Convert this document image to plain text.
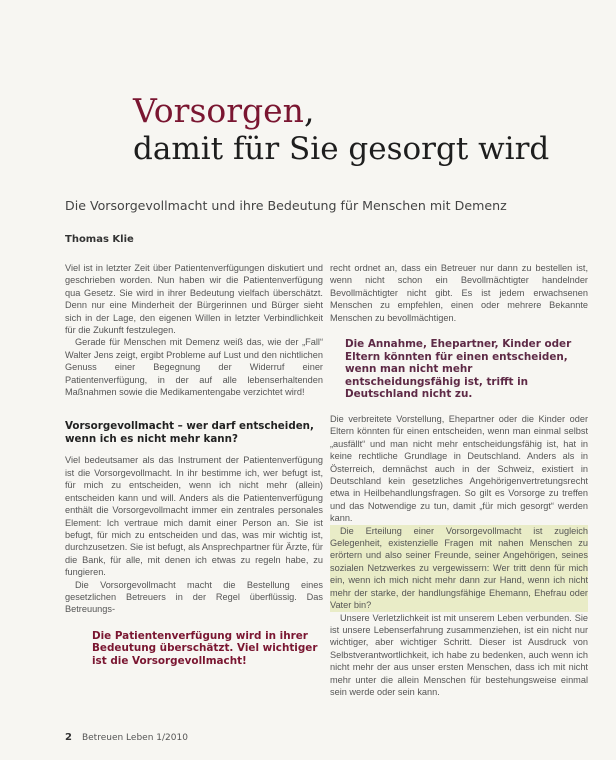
Vorsorgen,
damit für Sie gesorgt wird
Die Vorsorgevollmacht und ihre Bedeutung für Menschen mit Demenz
Thomas Klie

Viel ist in letzter Zeit über Patientenverfügungen diskutiert und geschrieben worden. Nun haben wir die Patientenverfügung qua Gesetz. Sie wird in ihrer Bedeutung vielfach überschätzt. Denn nur eine Minderheit der Bürgerinnen und Bürger sieht sich in der Lage, den eigenen Willen in letzter Verbindlichkeit für die Zukunft festzulegen.

Gerade für Menschen mit Demenz weiß das, wie der „Fall“ Walter Jens zeigt, ergibt Probleme auf Lust und den nichtlichen Genuss einer Begegnung der Widerruf einer Patientenverfügung, in der auf alle lebenserhaltenden Maßnahmen sowie die Medikamentengabe verzichtet wird!

Vorsorgevollmacht – wer darf entscheiden, wenn ich es nicht mehr kann?

Viel bedeutsamer als das Instrument der Patientenverfügung ist die Vorsorgevollmacht. In ihr bestimme ich, wer befugt ist, für mich zu entscheiden, wenn ich nicht mehr (allein) entscheiden kann und will. Anders als die Patientenverfügung enthält die Vorsorgevollmacht immer ein zentrales personales Element: Ich vertraue mich damit einer Person an. Sie ist befugt, für mich zu entscheiden und das, was mir wichtig ist, durchzusetzen. Sie ist befugt, als Ansprechpartner für Ärzte, für die Bank, für alle, mit denen ich etwas zu regeln habe, zu fungieren.

Die Vorsorgevollmacht macht die Bestellung eines gesetzlichen Betreuers in der Regel überflüssig. Das Betreuungs-

Die Patientenverfügung wird in ihrer Bedeutung überschätzt. Viel wichtiger ist die Vorsorgevollmacht!

recht ordnet an, dass ein Betreuer nur dann zu bestellen ist, wenn nicht schon ein Bevollmächtigter handelnder Bevollmächtigter nicht gibt. Es ist jedem erwachsenen Menschen zu empfehlen, einen oder mehrere Bekannte Menschen zu bevollmächtigen.

Die Annahme, Ehepartner, Kinder oder Eltern könnten für einen entscheiden, wenn man nicht mehr entscheidungsfähig ist, trifft in Deutschland nicht zu.

Die verbreitete Vorstellung, Ehepartner oder die Kinder oder Eltern könnten für einen entscheiden, wenn man einmal selbst „ausfällt“ und man nicht mehr entscheidungsfähig ist, hat in keine rechtliche Grundlage in Deutschland. Anders als in Österreich, demnächst auch in der Schweiz, existiert in Deutschland kein gesetzliches Angehörigenvertretungsrecht etwa in Heilbehandlungsfragen. So gilt es Vorsorge zu treffen und das Notwendige zu tun, damit „für mich gesorgt“ werden kann.

Die Erteilung einer Vorsorgevollmacht ist zugleich Gelegenheit, existenzielle Fragen mit nahen Menschen zu erörtern und also seiner Freunde, seiner Angehörigen, seines sozialen Netzwerkes zu vergewissern: Wer tritt denn für mich ein, wenn ich mich nicht mehr dann zur Hand, wenn ich nicht mehr der starke, der handlungsfähige Ehemann, Ehefrau oder Vater bin?

Unsere Verletzlichkeit ist mit unserem Leben verbunden. Sie ist unsere Lebenserfahrung zusammenziehen, ist ein nicht nur wichtiger, aber wichtiger Schritt. Dieser ist Ausdruck von Selbstverantwortlichkeit, ich habe zu bedenken, auch wenn ich nicht mehr der aus unser ersten Menschen, dass ich mit nicht mehr unter die allein Menschen für bestehungsweise einmal sein werde oder sein kann.

2 Betreuen Leben 1/2010
